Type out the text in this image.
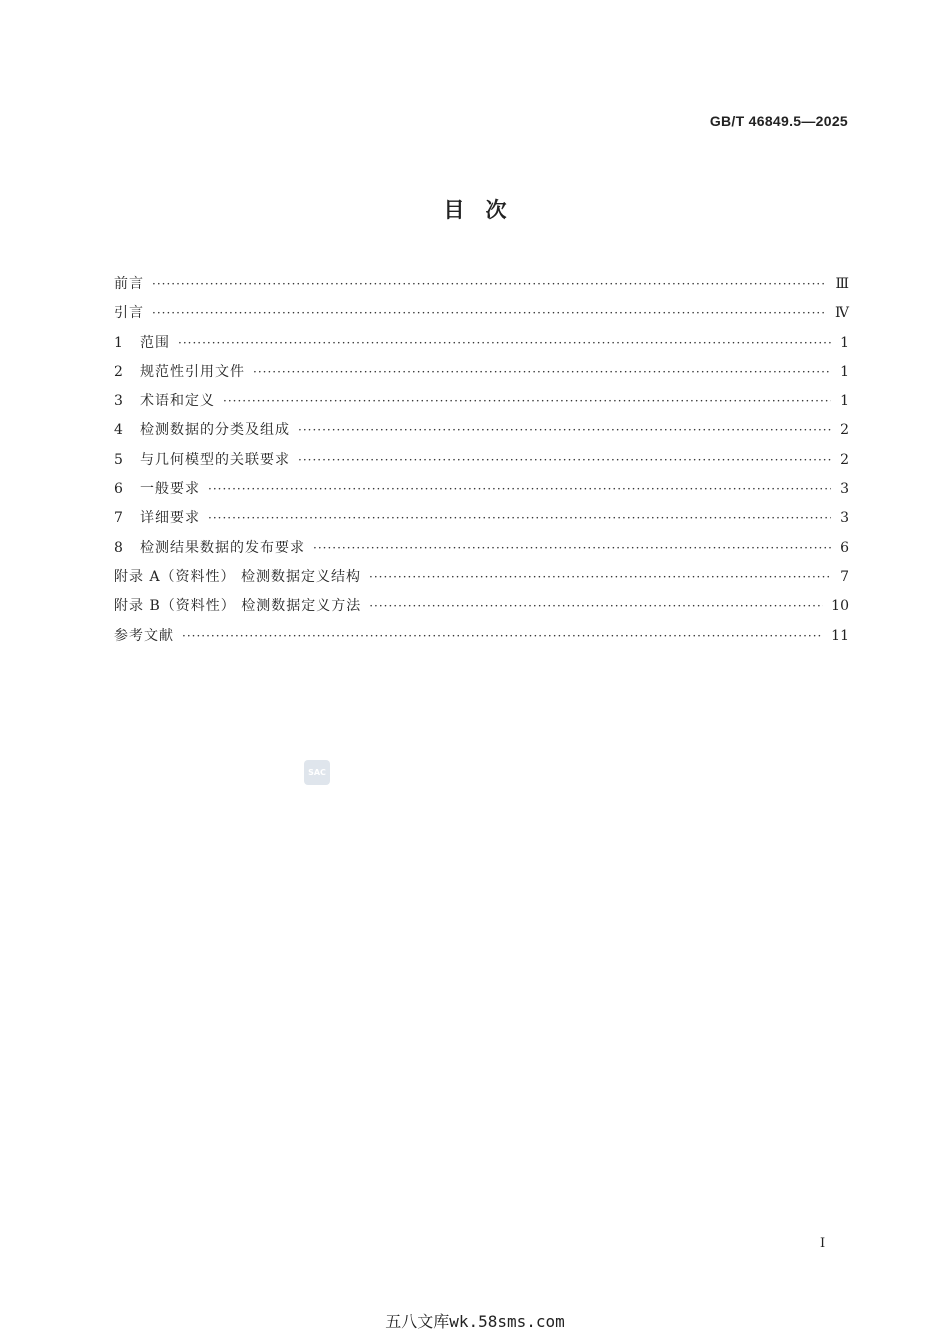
GB/T 46849.5—2025
目　次
前言 ·····	Ⅲ
引言 ·····	Ⅳ
1	范围 ·····	1
2	规范性引用文件 ·····	1
3	术语和定义 ·····	1
4	检测数据的分类及组成 ·····	2
5	与几何模型的关联要求 ·····	2
6	一般要求 ·····	3
7	详细要求 ·····	3
8	检测结果数据的发布要求 ·····	6
附录 A（资料性） 检测数据定义结构 ·····	7
附录 B（资料性） 检测数据定义方法 ·····	10
参考文献 ·····	11
SAC
I
五八文库wk.58sms.com
